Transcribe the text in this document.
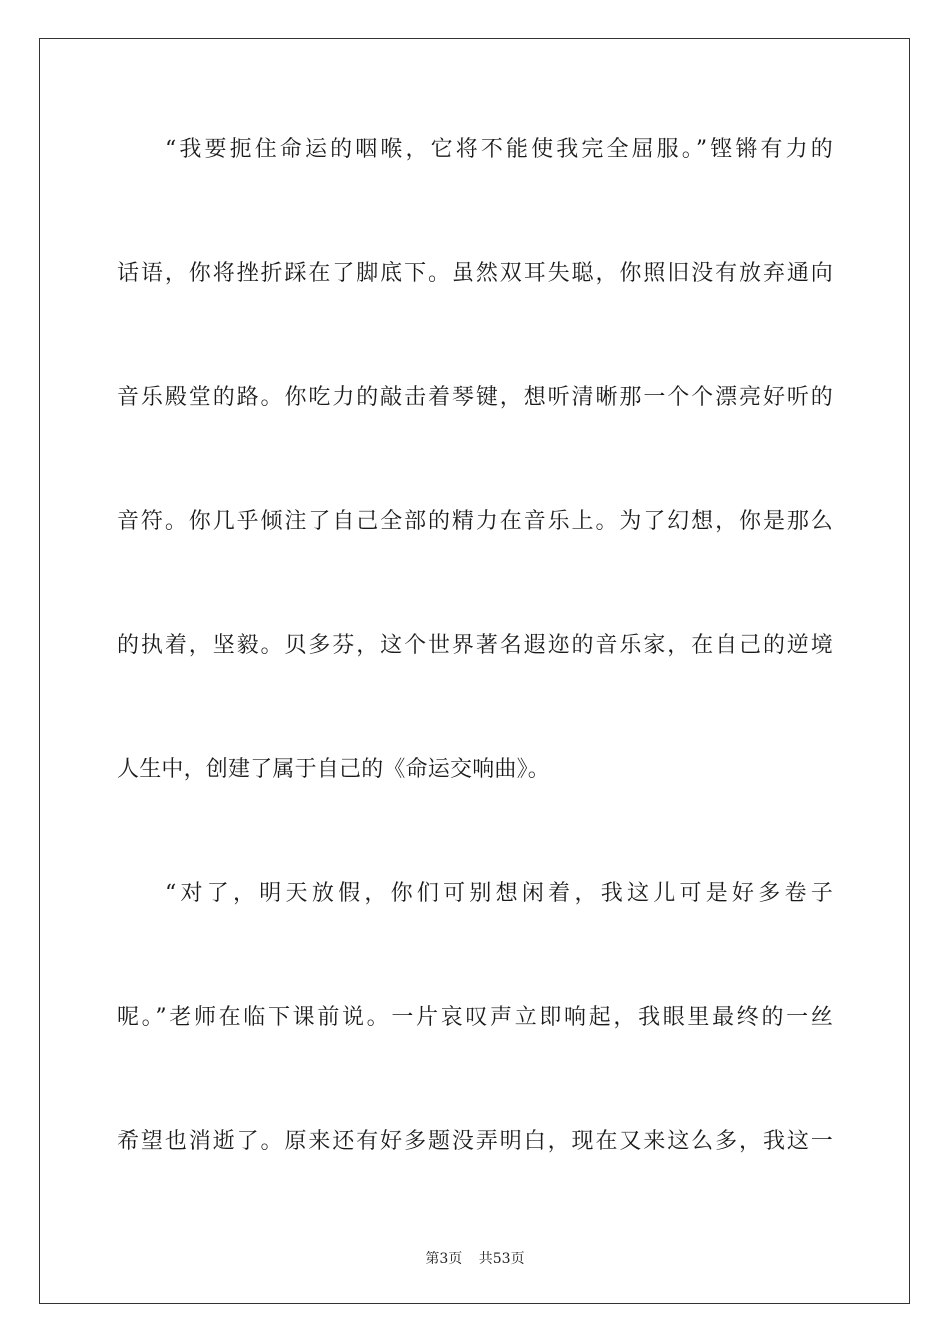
“我要扼住命运的咽喉，它将不能使我完全屈服。”铿锵有力的
话语，你将挫折踩在了脚底下。虽然双耳失聪，你照旧没有放弃通向
音乐殿堂的路。你吃力的敲击着琴键，想听清晰那一个个漂亮好听的
音符。你几乎倾注了自己全部的精力在音乐上。为了幻想，你是那么
的执着，坚毅。贝多芬，这个世界著名遐迩的音乐家，在自己的逆境
人生中，创建了属于自己的《命运交响曲》。
“对了，明天放假，你们可别想闲着，我这儿可是好多卷子
呢。”老师在临下课前说。一片哀叹声立即响起，我眼里最终的一丝
希望也消逝了。原来还有好多题没弄明白，现在又来这么多，我这一
第3页 共53页
